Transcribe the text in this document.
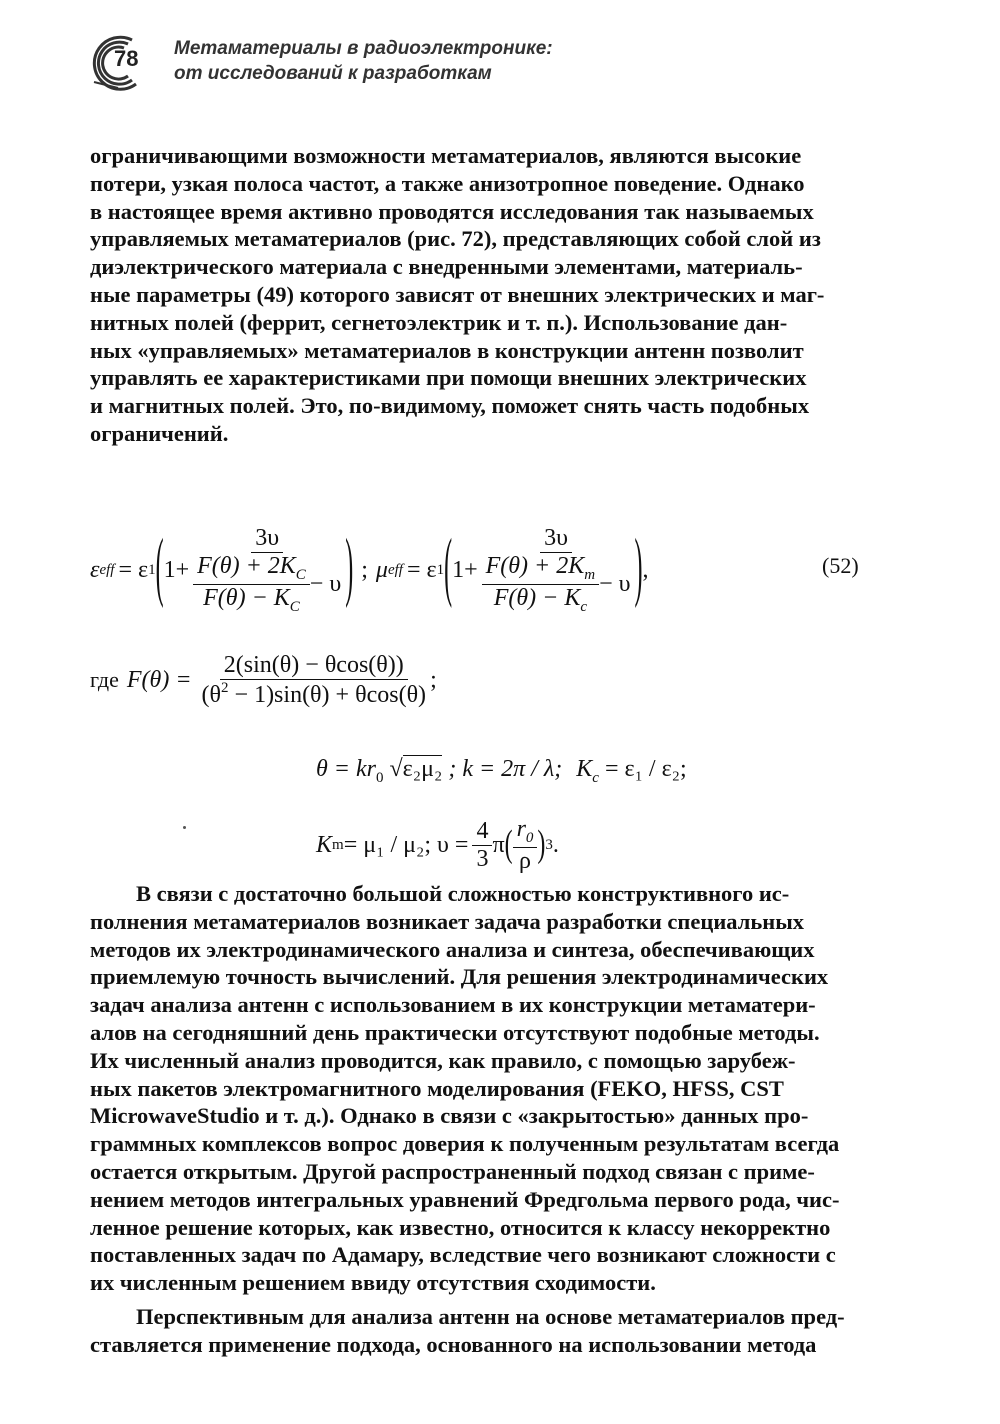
78 Метаматериалы в радиоэлектронике:
от исследований к разработкам

ограничивающими возможности метаматериалов, являются высокие

потери, узкая полоса частот, а также анизотропное поведение. Однако

в настоящее время активно проводятся исследования так называемых

управляемых метаматериалов (рис. 72), представляющих собой слой из

диэлектрического материала с внедренными элементами, материаль-

ные параметры (49) которого зависят от внешних электрических и маг-

нитных полей (феррит, сегнетоэлектрик и т. п.). Использование дан-

ных «управляемых» метаматериалов в конструкции антенн позволит

управлять ее характеристиками при помощи внешних электрических

и магнитных полей. Это, по-видимому, поможет снять часть подобных

ограничений.

ε eff = ε 1 ( $1+ \frac{3\upsilon}{\frac{F(\theta) + 2K_C}{F(\theta) - K_C} - \upsilon}$ ) ; μ eff = ε 1 ( $1+ \frac{3\upsilon}{\frac{F(\theta) + 2K_m}{F(\theta) - K_c} - \upsilon}$ ) ,	(52)
где $F(\theta) = \frac{2(\sin(\theta) - \theta\cos(\theta))}{(\theta^2 - 1)\sin(\theta) + \theta\cos(\theta)}$ ;
$\theta = kr_0$ √ε₂μ₂ ; k = 2π / λ; $K_c = \varepsilon_1 / \varepsilon_2$;
K m = μ₁ / μ₂; $\upsilon = \frac{4}{3}$ π ( $\frac{r_0}{\rho}$ ) 3 .

В связи с достаточно большой сложностью конструктивного ис-

полнения метаматериалов возникает задача разработки специальных

методов их электродинамического анализа и синтеза, обеспечивающих

приемлемую точность вычислений. Для решения электродинамических

задач анализа антенн с использованием в их конструкции метаматери-

алов на сегодняшний день практически отсутствуют подобные методы.

Их численный анализ проводится, как правило, с помощью зарубеж-

ных пакетов электромагнитного моделирования (FEKO, HFSS, CST

MicrowaveStudio и т. д.). Однако в связи с «закрытостью» данных про-

граммных комплексов вопрос доверия к полученным результатам всегда

остается открытым. Другой распространенный подход связан с приме-

нением методов интегральных уравнений Фредгольма первого рода, чис-

ленное решение которых, как известно, относится к классу некорректно

поставленных задач по Адамару, вследствие чего возникают сложности с

их численным решением ввиду отсутствия сходимости.

Перспективным для анализа антенн на основе метаматериалов пред-

ставляется применение подхода, основанного на использовании метода
